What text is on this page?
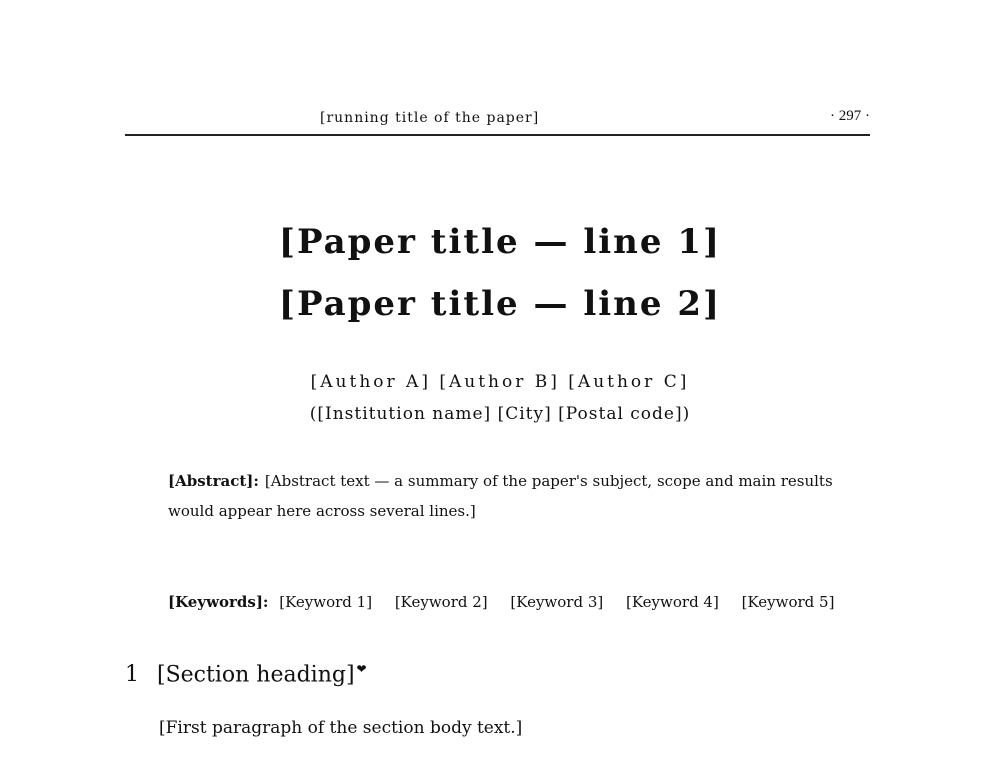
[running title of the paper]	· 297 ·
[Paper title — line 1]
[Paper title — line 2]
[Author A] [Author B] [Author C]
([Institution name] [City] [Postal code])
[Abstract]: [Abstract text — a summary of the paper's subject, scope and main results would appear here across several lines.]
[Keywords]: [Keyword 1] [Keyword 2] [Keyword 3] [Keyword 4] [Keyword 5]
1 [Section heading] ❤
[First paragraph of the section body text.]
